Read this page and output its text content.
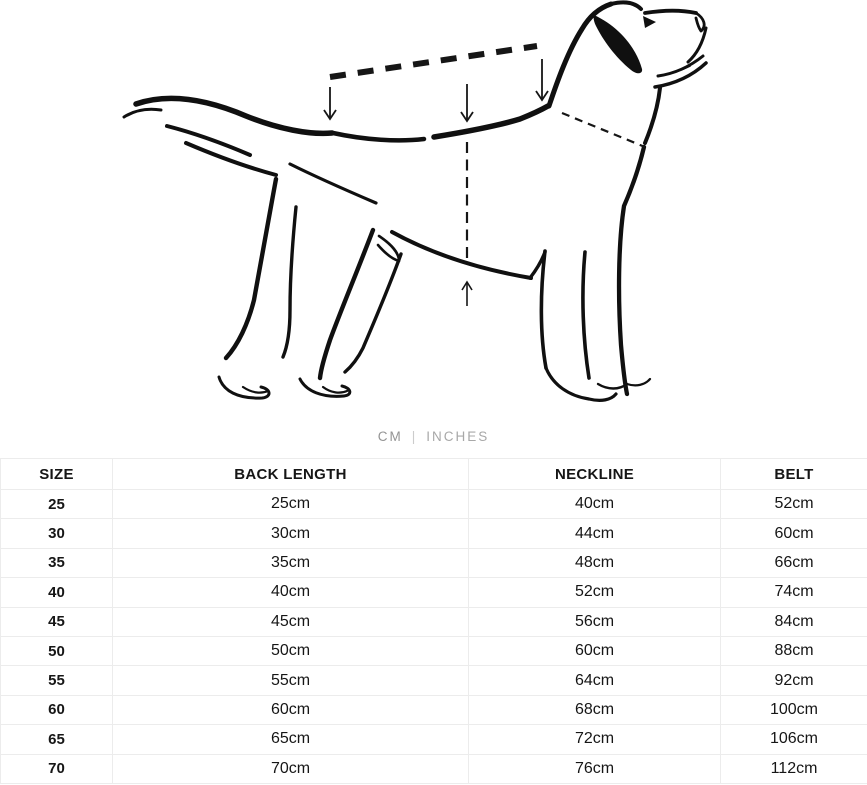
CM | INCHES
SIZE	BACK LENGTH	NECKLINE	BELT
25	25cm	40cm	52cm
30	30cm	44cm	60cm
35	35cm	48cm	66cm
40	40cm	52cm	74cm
45	45cm	56cm	84cm
50	50cm	60cm	88cm
55	55cm	64cm	92cm
60	60cm	68cm	100cm
65	65cm	72cm	106cm
70	70cm	76cm	112cm
